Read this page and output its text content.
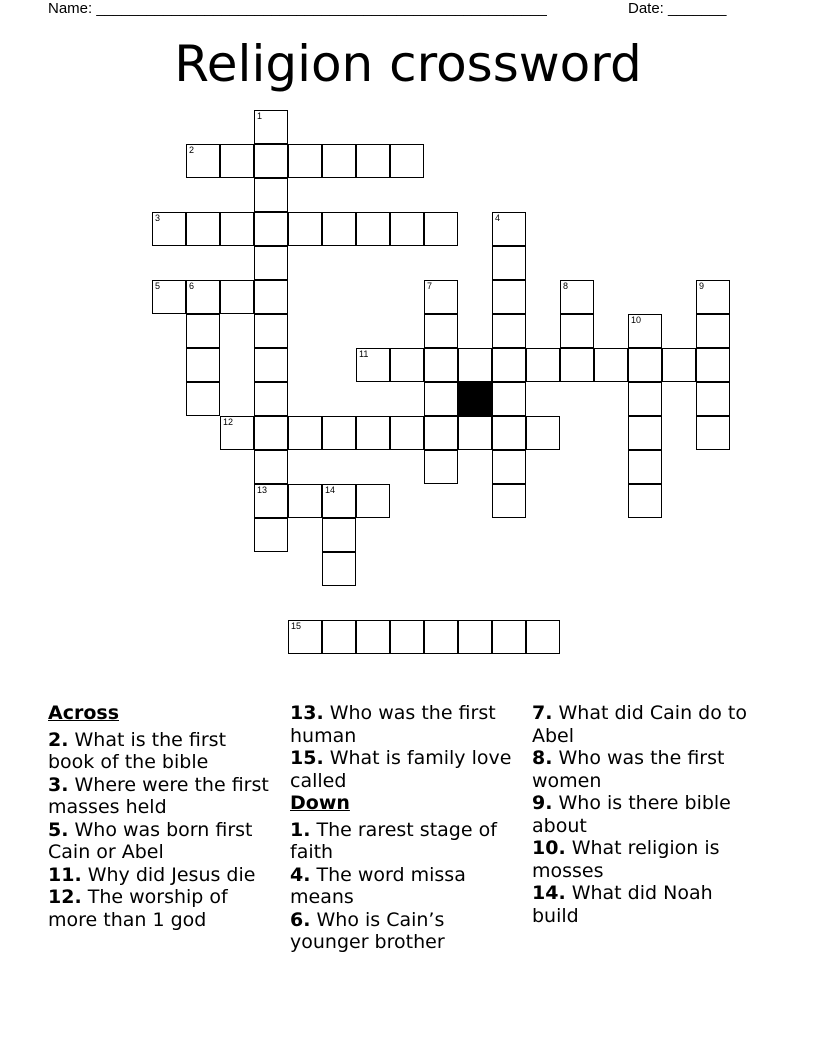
Name: ______________________________________________________	Date: _______
Religion crossword
1
2
3	4
5	6	7	8	9
10
11
12
13	14
15
Across
2. What is the first book of the bible
3. Where were the first masses held
5. Who was born first Cain or Abel
11. Why did Jesus die
12. The worship of more than 1 god
13. Who was the first human
15. What is family love called
Down
1. The rarest stage of faith
4. The word missa means
6. Who is Cain’s younger brother
7. What did Cain do to Abel
8. Who was the first women
9. Who is there bible about
10. What religion is mosses
14. What did Noah build
